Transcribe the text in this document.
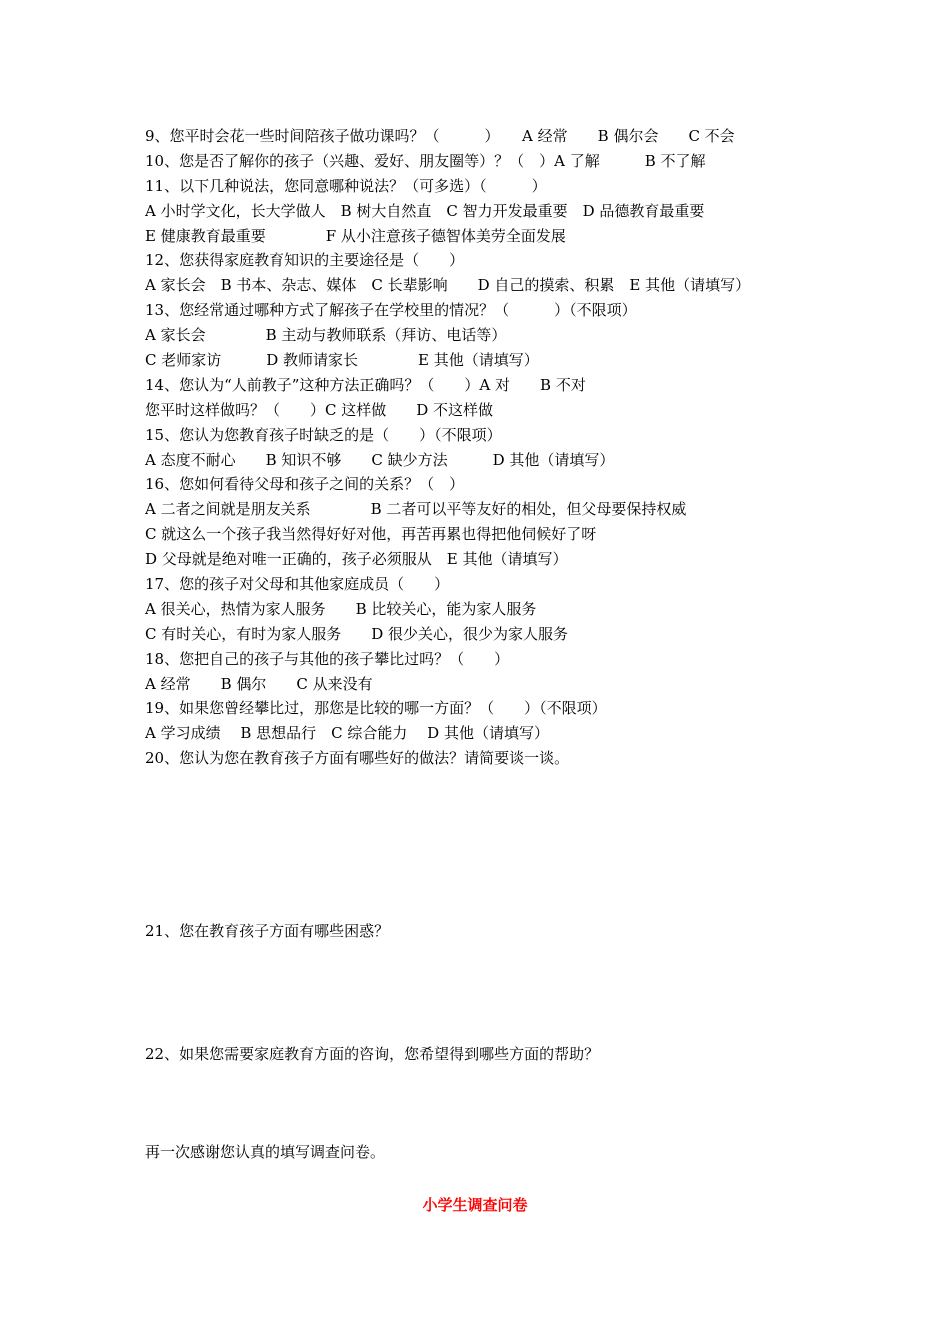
9、您平时会花一些时间陪孩子做功课吗？（　　　）　　A 经常　　B 偶尔会　　C 不会
10、您是否了解你的孩子（兴趣、爱好、朋友圈等）？（　）A 了解　　　B 不了解
11、以下几种说法，您同意哪种说法？（可多选）（　　　）
A 小时学文化，长大学做人　B 树大自然直　C 智力开发最重要　D 品德教育最重要
E 健康教育最重要　　　　F 从小注意孩子德智体美劳全面发展
12、您获得家庭教育知识的主要途径是（　　）
A 家长会　B 书本、杂志、媒体　C 长辈影响　　D 自己的摸索、积累　E 其他（请填写）
13、您经常通过哪种方式了解孩子在学校里的情况？（　　　）（不限项）
A 家长会　　　　B 主动与教师联系（拜访、电话等）
C 老师家访　　　D 教师请家长　　　　E 其他（请填写）
14、您认为“人前教子”这种方法正确吗？（　　）A 对　　B 不对
您平时这样做吗？（　　）C 这样做　　D 不这样做
15、您认为您教育孩子时缺乏的是（　　）（不限项）
A 态度不耐心　　B 知识不够　　C 缺少方法　　　D 其他（请填写）
16、您如何看待父母和孩子之间的关系？（　）
A 二者之间就是朋友关系　　　　B 二者可以平等友好的相处，但父母要保持权威
C 就这么一个孩子我当然得好好对他，再苦再累也得把他伺候好了呀
D 父母就是绝对唯一正确的，孩子必须服从　E 其他（请填写）
17、您的孩子对父母和其他家庭成员（　　）
A 很关心，热情为家人服务　　B 比较关心，能为家人服务
C 有时关心，有时为家人服务　　D 很少关心，很少为家人服务
18、您把自己的孩子与其他的孩子攀比过吗？（　　）
A 经常　　B 偶尔　　C 从来没有
19、如果您曾经攀比过，那您是比较的哪一方面？（　　）（不限项）
A 学习成绩　 B 思想品行　C 综合能力　 D 其他（请填写）
20、您认为您在教育孩子方面有哪些好的做法？请简要谈一谈。
21、您在教育孩子方面有哪些困惑？
22、如果您需要家庭教育方面的咨询，您希望得到哪些方面的帮助？
再一次感谢您认真的填写调查问卷。
小学生调查问卷
